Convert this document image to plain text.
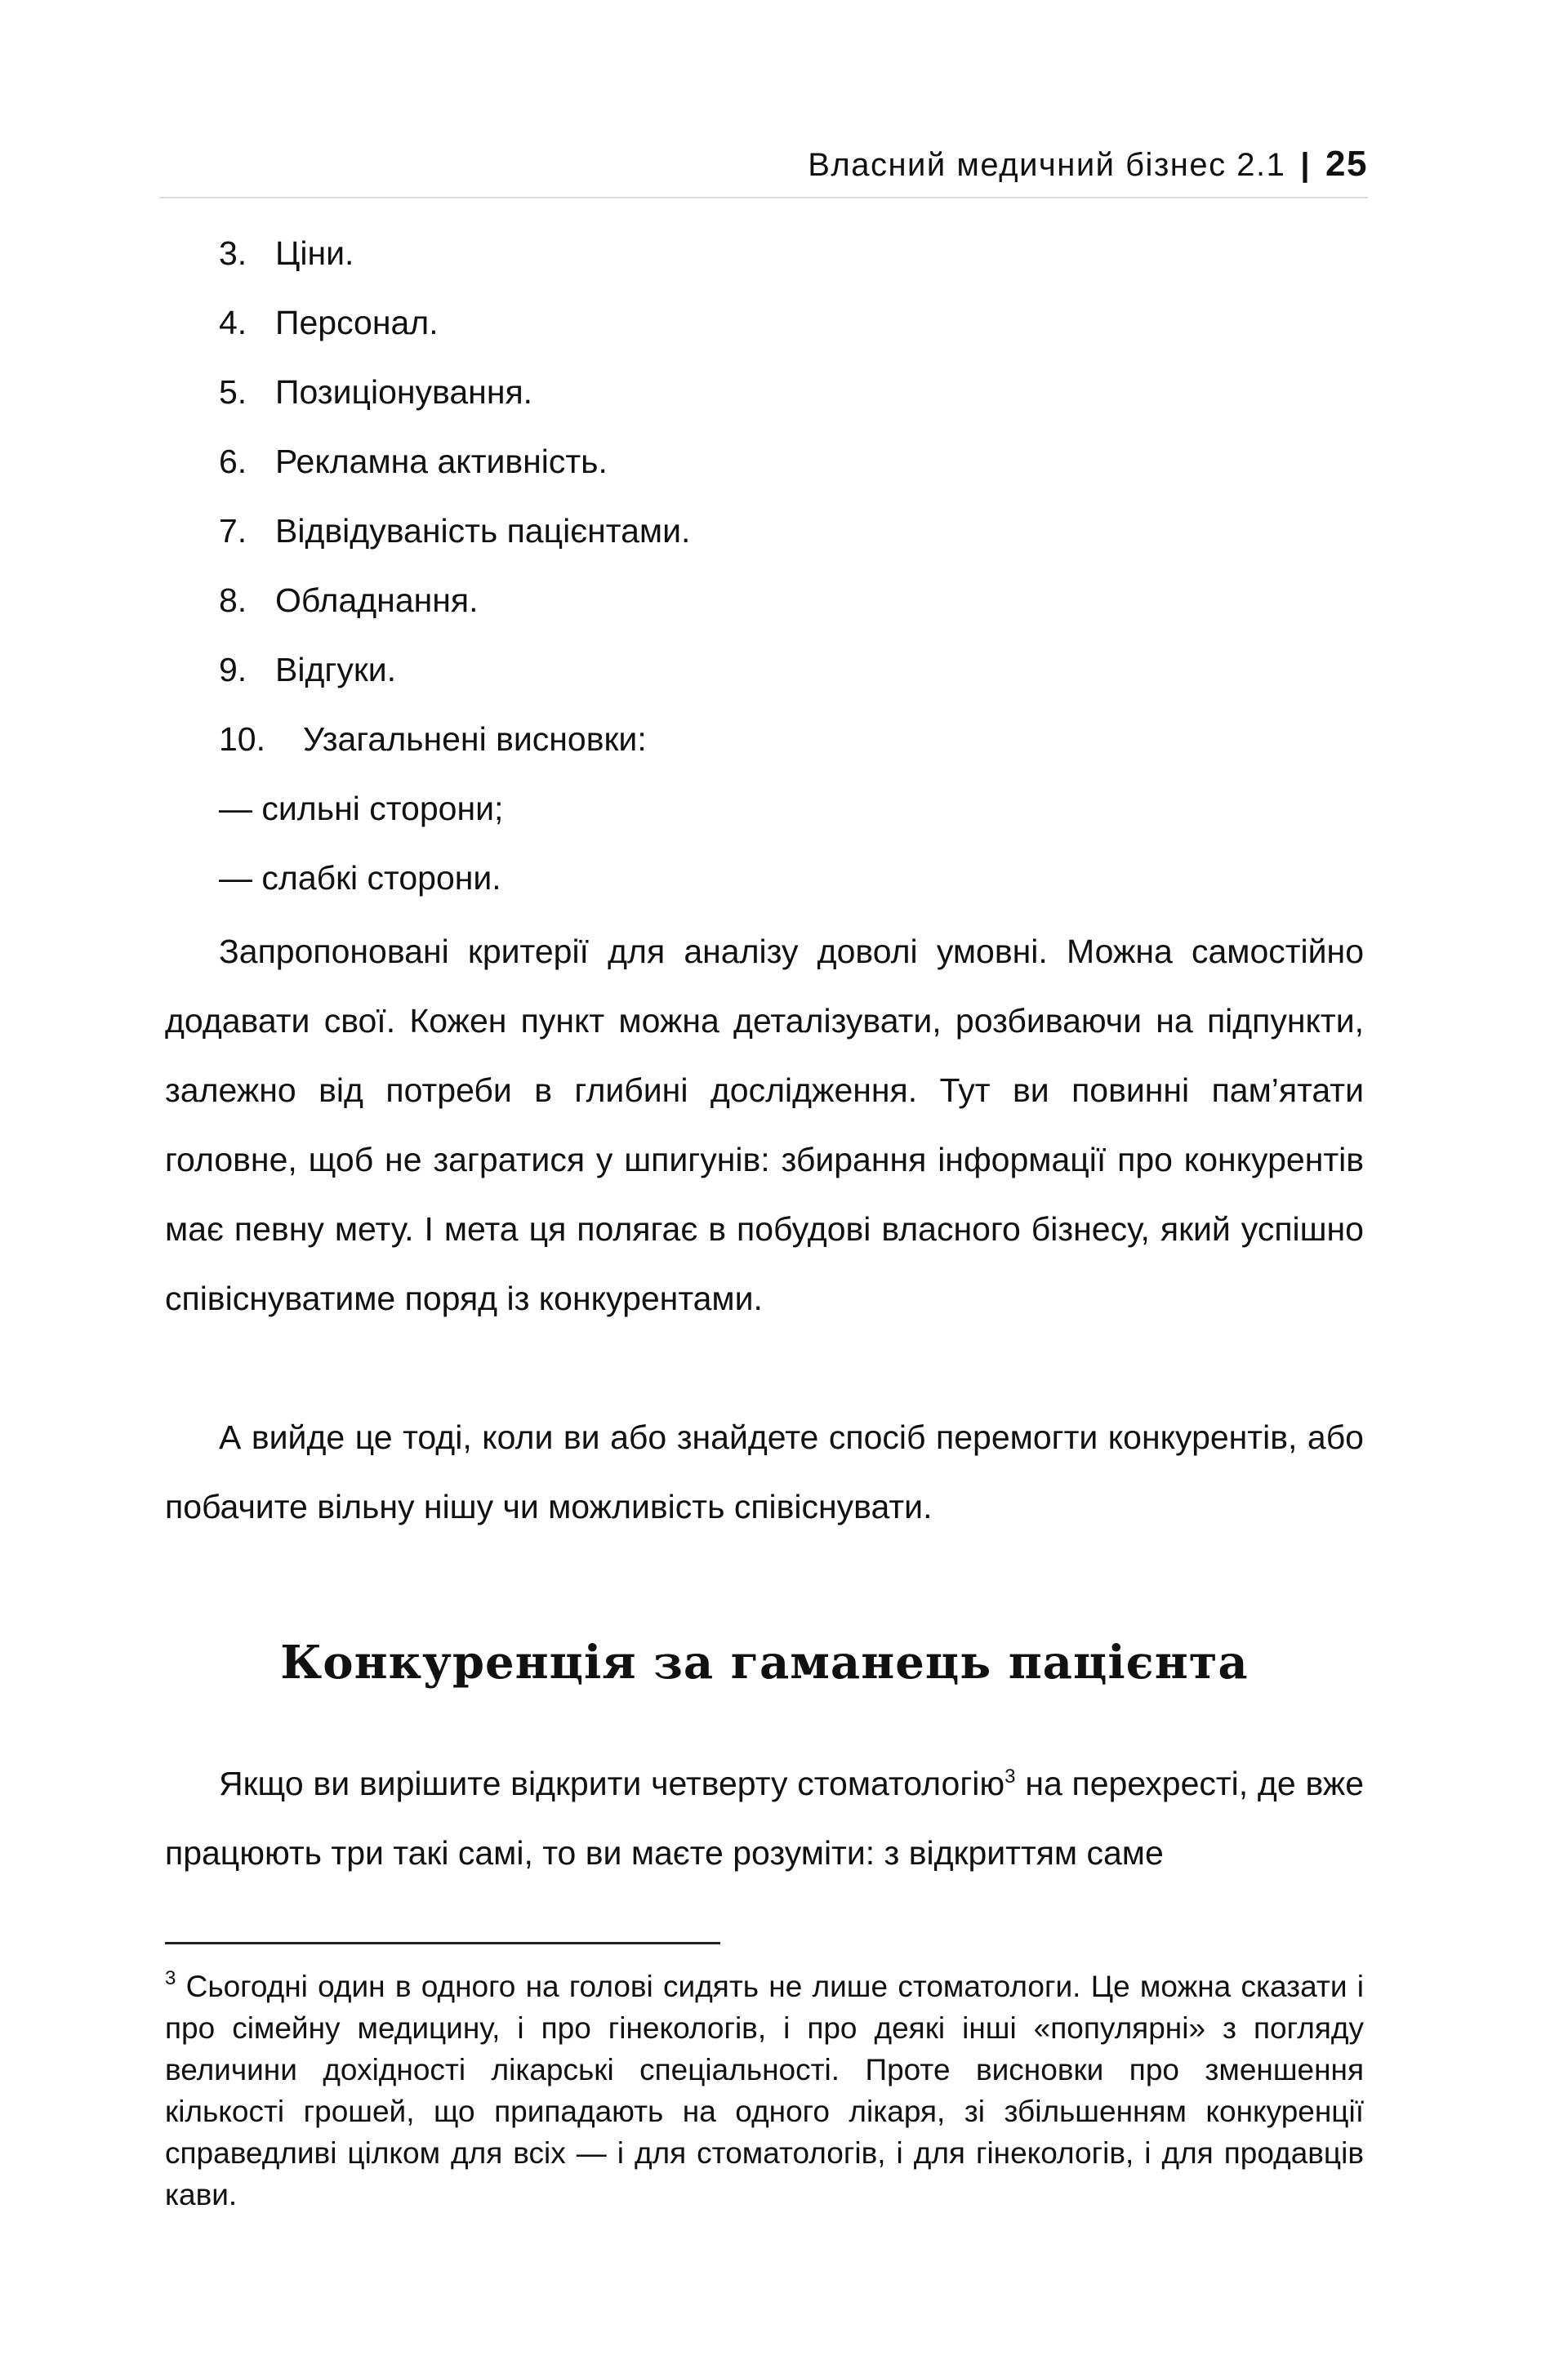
Власний медичний бізнес 2.1 | 25
3. Ціни.
4. Персонал.
5. Позиціонування.
6. Рекламна активність.
7. Відвідуваність пацієнтами.
8. Обладнання.
9. Відгуки.
10. Узагальнені висновки:
— сильні сторони;
— слабкі сторони.

Запропоновані критерії для аналізу доволі умовні. Можна самостійно додавати свої. Кожен пункт можна деталізувати, розбиваючи на підпункти, залежно від потреби в глибині дослідження. Тут ви повинні пам’ятати головне, щоб не загратися у шпигунів: збирання інформації про конкурентів має певну мету. І мета ця полягає в побудові власного бізнесу, який успішно співіснуватиме поряд із конкурентами.

А вийде це тоді, коли ви або знайдете спосіб перемогти конкурентів, або побачите вільну нішу чи можливість співіснувати.

Конкуренція за гаманець пацієнта

Якщо ви вирішите відкрити четверту стоматологію$^3$ на перехресті, де вже працюють три такі самі, то ви маєте розуміти: з відкриттям саме

$^3$ Сьогодні один в одного на голові сидять не лише стоматологи. Це можна сказати і про сімейну медицину, і про гінекологів, і про деякі інші «популярні» з погляду величини дохідності лікарські спеціальності. Проте висновки про зменшення кількості грошей, що припадають на одного лікаря, зі збільшенням конкуренції справедливі цілком для всіх — і для стоматологів, і для гінекологів, і для продавців кави.
